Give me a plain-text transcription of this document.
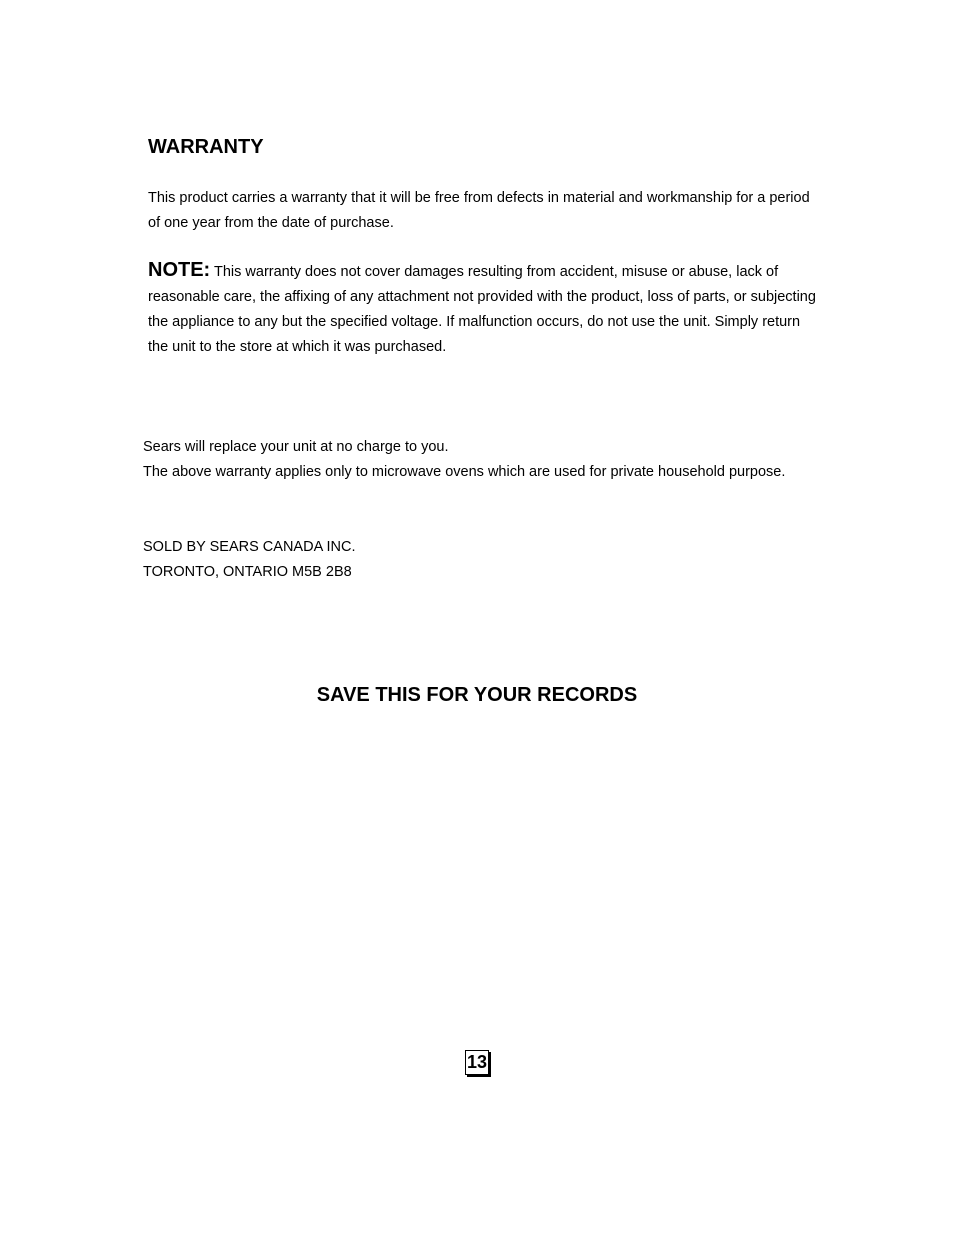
WARRANTY

This product carries a warranty that it will be free from defects in material and workmanship for a period of one year from the date of purchase.

NOTE: This warranty does not cover damages resulting from accident, misuse or abuse, lack of reasonable care, the affixing of any attachment not provided with the product, loss of parts, or subjecting the appliance to any but the specified voltage. If malfunction occurs, do not use the unit. Simply return the unit to the store at which it was purchased.

Sears will replace your unit at no charge to you.
The above warranty applies only to microwave ovens which are used for private household purpose.
SOLD BY SEARS CANADA INC.
TORONTO, ONTARIO M5B 2B8
SAVE THIS FOR YOUR RECORDS
13
